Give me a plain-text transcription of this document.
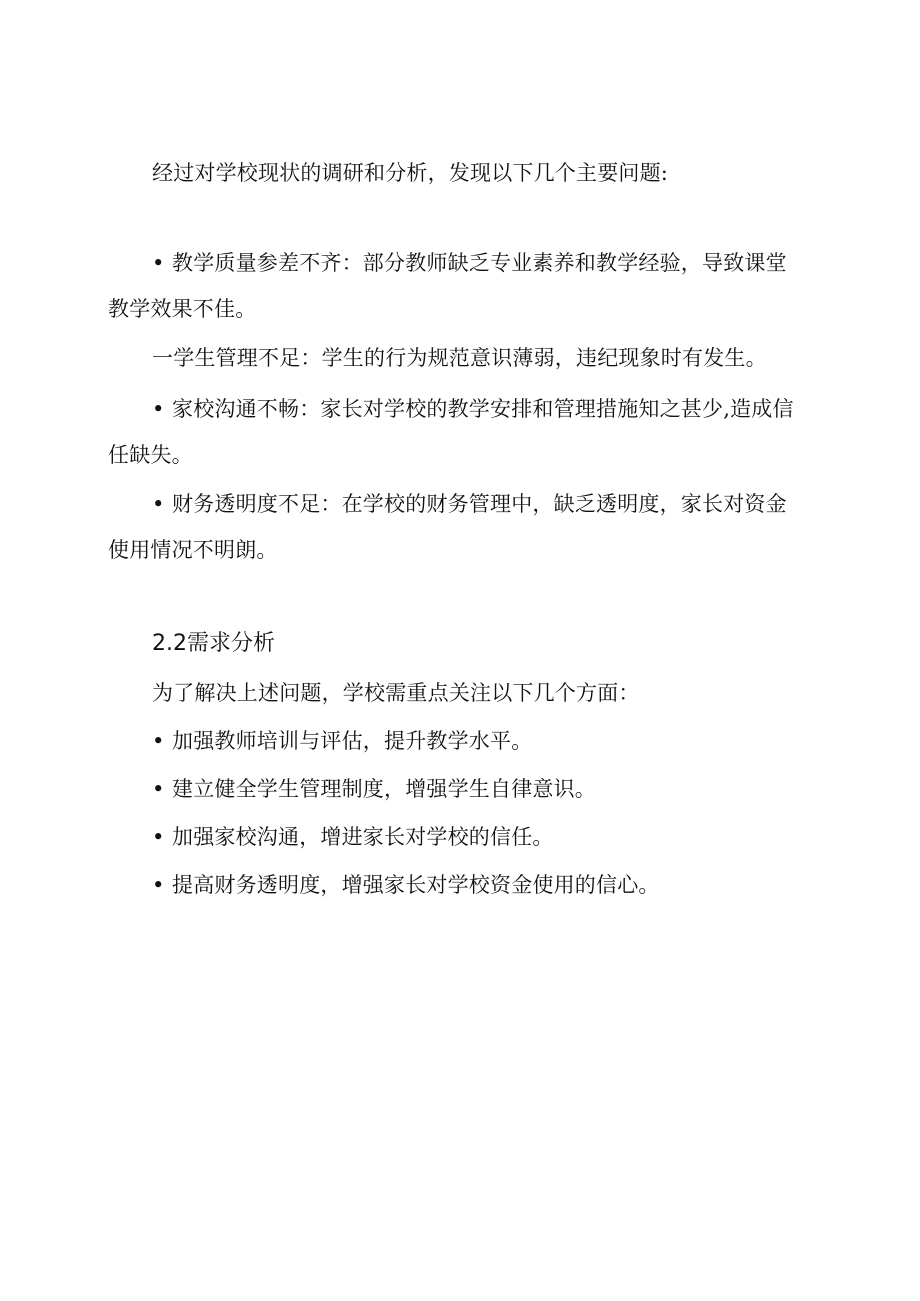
经过对学校现状的调研和分析，发现以下几个主要问题:
• 教学质量参差不齐：部分教师缺乏专业素养和教学经验，导致课堂
教学效果不佳。
一学生管理不足：学生的行为规范意识薄弱，违纪现象时有发生。
• 家校沟通不畅：家长对学校的教学安排和管理措施知之甚少,造成信
任缺失。
• 财务透明度不足：在学校的财务管理中，缺乏透明度，家长对资金
使用情况不明朗。
2.2需求分析
为了解决上述问题，学校需重点关注以下几个方面：
• 加强教师培训与评估，提升教学水平。
• 建立健全学生管理制度，增强学生自律意识。
• 加强家校沟通，增进家长对学校的信任。
• 提高财务透明度，增强家长对学校资金使用的信心。
